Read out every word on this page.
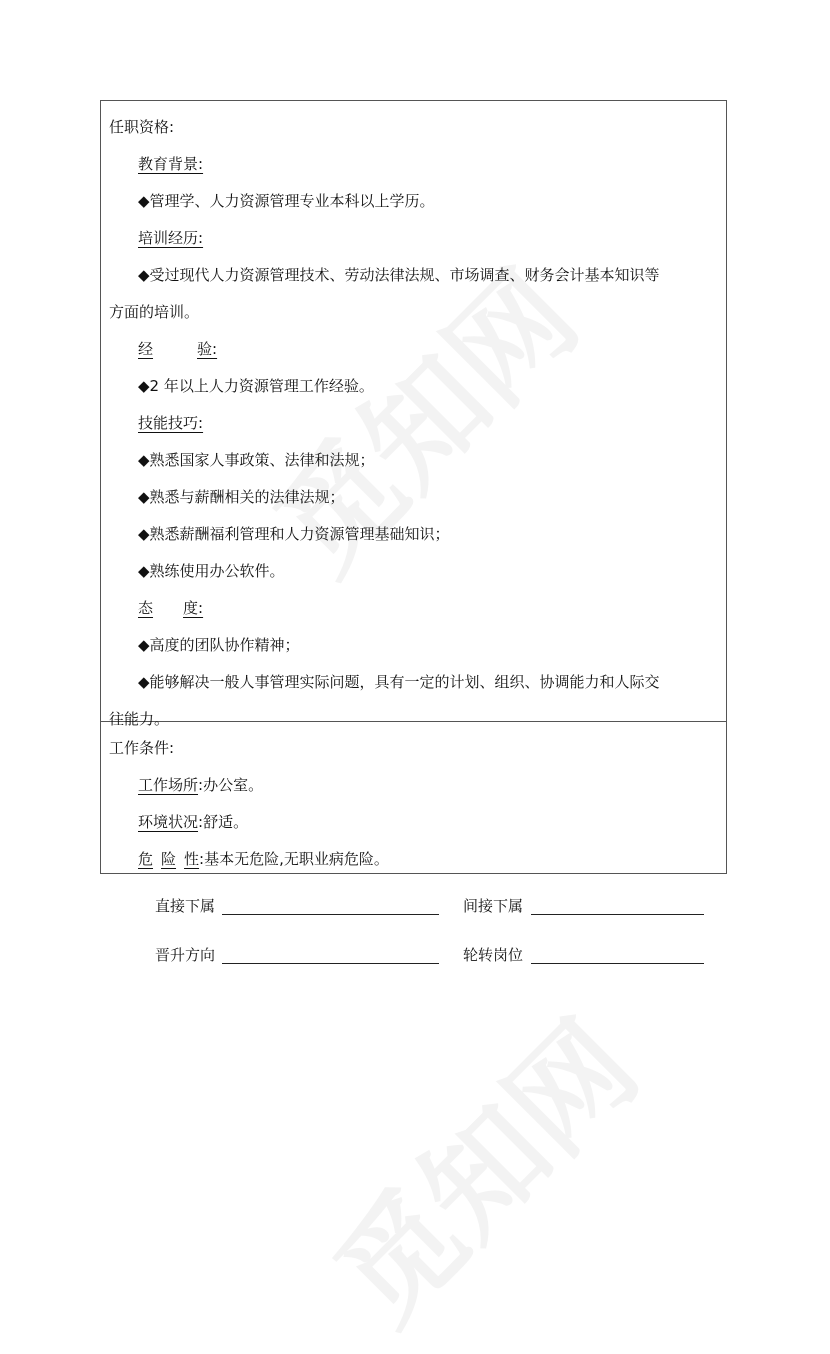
任职资格:
教育背景:
◆管理学、人力资源管理专业本科以上学历。
培训经历:
◆受过现代人力资源管理技术、劳动法律法规、市场调查、财务会计基本知识等
方面的培训。
经	验:
◆2 年以上人力资源管理工作经验。
技能技巧:
◆熟悉国家人事政策、法律和法规；
◆熟悉与薪酬相关的法律法规；
◆熟悉薪酬福利管理和人力资源管理基础知识；
◆熟练使用办公软件。
态 度:
◆高度的团队协作精神；
◆能够解决一般人事管理实际问题，具有一定的计划、组织、协调能力和人际交
往能力。
工作条件:
工作场所:办公室。
环境状况:舒适。
危 险 性:基本无危险,无职业病危险。
直接下属	间接下属
晋升方向	轮转岗位
